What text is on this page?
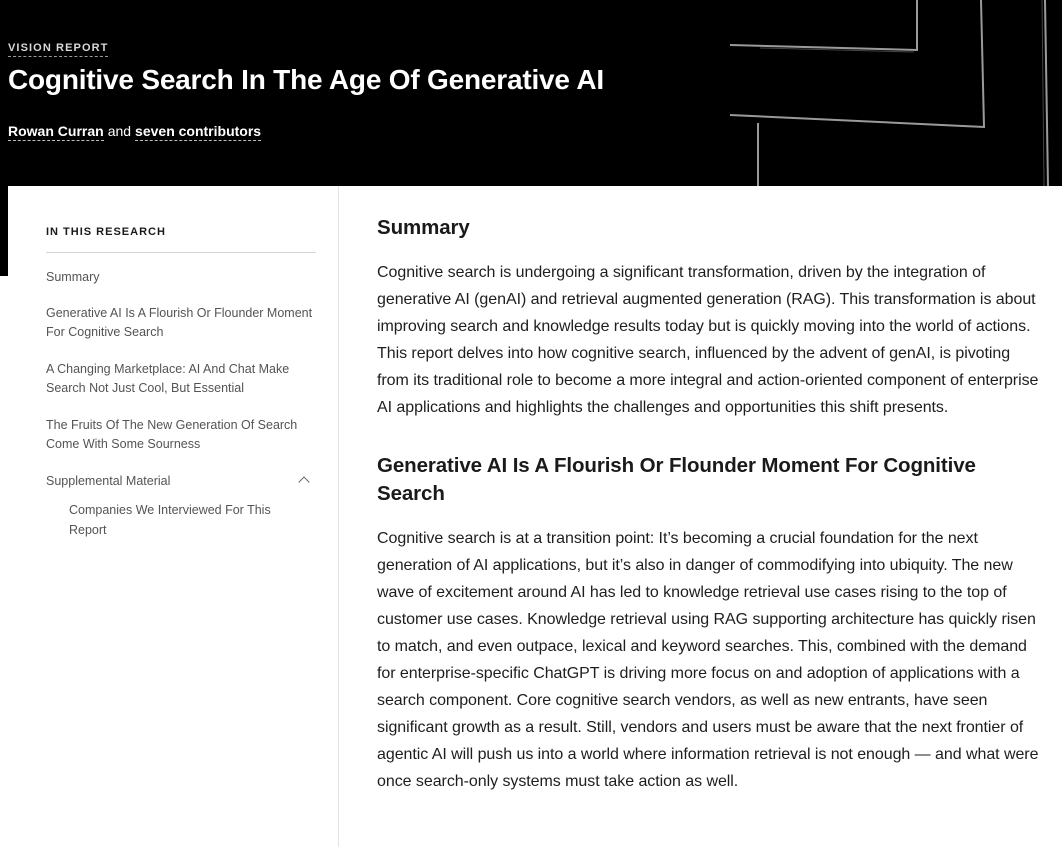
VISION REPORT
Cognitive Search In The Age Of Generative AI
Rowan Curran and seven contributors
IN THIS RESEARCH
Summary
Generative AI Is A Flourish Or Flounder Moment For Cognitive Search
A Changing Marketplace: AI And Chat Make Search Not Just Cool, But Essential
The Fruits Of The New Generation Of Search Come With Some Sourness
Supplemental Material
Companies We Interviewed For This Report
Summary

Cognitive search is undergoing a significant transformation, driven by the integration of generative AI (genAI) and retrieval augmented generation (RAG). This transformation is about improving search and knowledge results today but is quickly moving into the world of actions. This report delves into how cognitive search, influenced by the advent of genAI, is pivoting from its traditional role to become a more integral and action-oriented component of enterprise AI applications and highlights the challenges and opportunities this shift presents.

Generative AI Is A Flourish Or Flounder Moment For Cognitive Search

Cognitive search is at a transition point: It’s becoming a crucial foundation for the next generation of AI applications, but it’s also in danger of commodifying into ubiquity. The new wave of excitement around AI has led to knowledge retrieval use cases rising to the top of customer use cases. Knowledge retrieval using RAG supporting architecture has quickly risen to match, and even outpace, lexical and keyword searches. This, combined with the demand for enterprise-specific ChatGPT is driving more focus on and adoption of applications with a search component. Core cognitive search vendors, as well as new entrants, have seen significant growth as a result. Still, vendors and users must be aware that the next frontier of agentic AI will push us into a world where information retrieval is not enough — and what were once search-only systems must take action as well.
